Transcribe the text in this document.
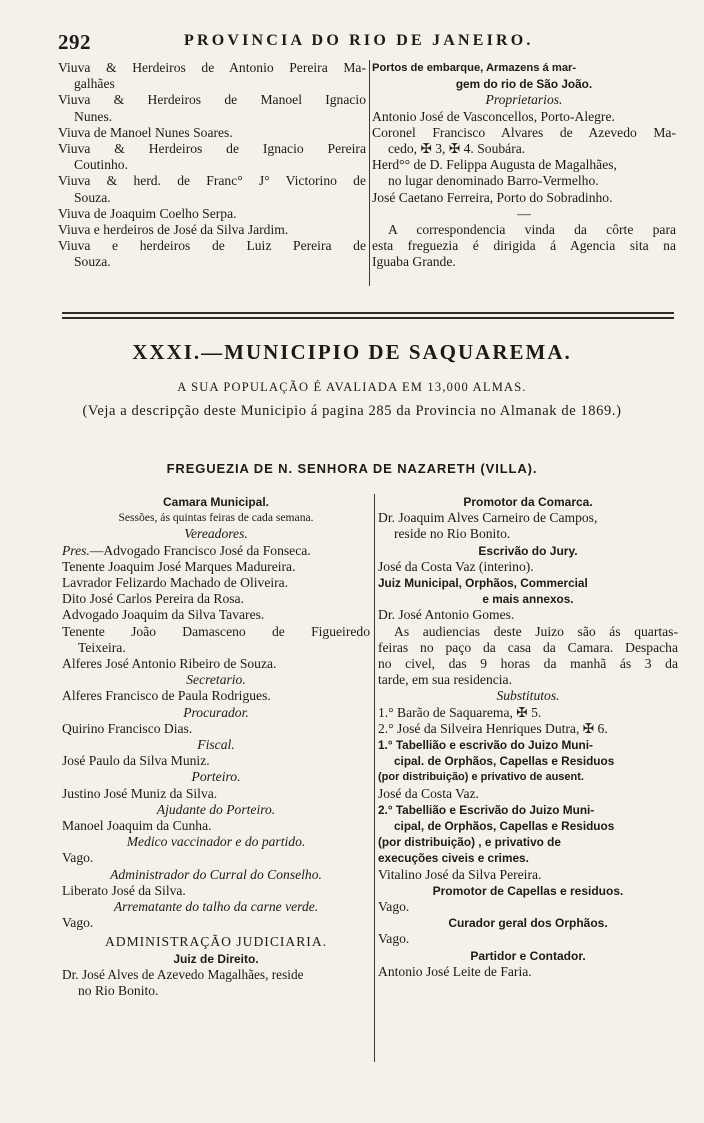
292	PROVINCIA DO RIO DE JANEIRO.
Viuva & Herdeiros de Antonio Pereira Ma-
galhães
Viuva & Herdeiros de Manoel Ignacio
Nunes.
Viuva de Manoel Nunes Soares.
Viuva & Herdeiros de Ignacio Pereira
Coutinho.
Viuva & herd. de Franc° J° Victorino de
Souza.
Viuva de Joaquim Coelho Serpa.
Viuva e herdeiros de José da Silva Jardim.
Viuva e herdeiros de Luiz Pereira de
Souza.
Portos de embarque, Armazens á mar-
gem do rio de São João.
Proprietarios.
Antonio José de Vasconcellos, Porto-Alegre.
Coronel Francisco Alvares de Azevedo Ma-
cedo, ✠ 3, ✠ 4. Soubára.
Herd°° de D. Felippa Augusta de Magalhães,
no lugar denominado Barro-Vermelho.
José Caetano Ferreira, Porto do Sobradinho.
—
A correspondencia vinda da côrte para
esta freguezia é dirigida á Agencia sita na
Iguaba Grande.
XXXI.—MUNICIPIO DE SAQUAREMA.
A SUA POPULAÇÃO É AVALIADA EM 13,000 ALMAS.
(Veja a descripção deste Municipio á pagina 285 da Provincia no Almanak de 1869.)
FREGUEZIA DE N. SENHORA DE NAZARETH (VILLA).
Camara Municipal.
Sessões, ás quintas feiras de cada semana.
Vereadores.
Pres.—Advogado Francisco José da Fonseca.
Tenente Joaquim José Marques Madureira.
Lavrador Felizardo Machado de Oliveira.
Dito José Carlos Pereira da Rosa.
Advogado Joaquim da Silva Tavares.
Tenente João Damasceno de Figueiredo
Teixeira.
Alferes José Antonio Ribeiro de Souza.
Secretario.
Alferes Francisco de Paula Rodrigues.
Procurador.
Quirino Francisco Dias.
Fiscal.
José Paulo da Silva Muniz.
Porteiro.
Justino José Muniz da Silva.
Ajudante do Porteiro.
Manoel Joaquim da Cunha.
Medico vaccinador e do partido.
Vago.
Administrador do Curral do Conselho.
Liberato José da Silva.
Arrematante do talho da carne verde.
Vago.
ADMINISTRAÇÃO JUDICIARIA.
Juiz de Direito.
Dr. José Alves de Azevedo Magalhães, reside
no Rio Bonito.
Promotor da Comarca.
Dr. Joaquim Alves Carneiro de Campos,
reside no Rio Bonito.
Escrivão do Jury.
José da Costa Vaz (interino).
Juiz Municipal, Orphãos, Commercial
e mais annexos.
Dr. José Antonio Gomes.
As audiencias deste Juizo são ás quartas-
feiras no paço da casa da Camara. Despacha
no civel, das 9 horas da manhã ás 3 da
tarde, em sua residencia.
Substitutos.
1.° Barão de Saquarema, ✠ 5.
2.° José da Silveira Henriques Dutra, ✠ 6.
1.° Tabellião e escrivão do Juizo Muni-
cipal. de Orphãos, Capellas e Residuos
(por distribuição) e privativo de ausent.
José da Costa Vaz.
2.° Tabellião e Escrivão do Juizo Muni-
cipal, de Orphãos, Capellas e Residuos
(por distribuição) , e privativo de
execuções civeis e crimes.
Vitalino José da Silva Pereira.
Promotor de Capellas e residuos.
Vago.
Curador geral dos Orphãos.
Vago.
Partidor e Contador.
Antonio José Leite de Faria.
